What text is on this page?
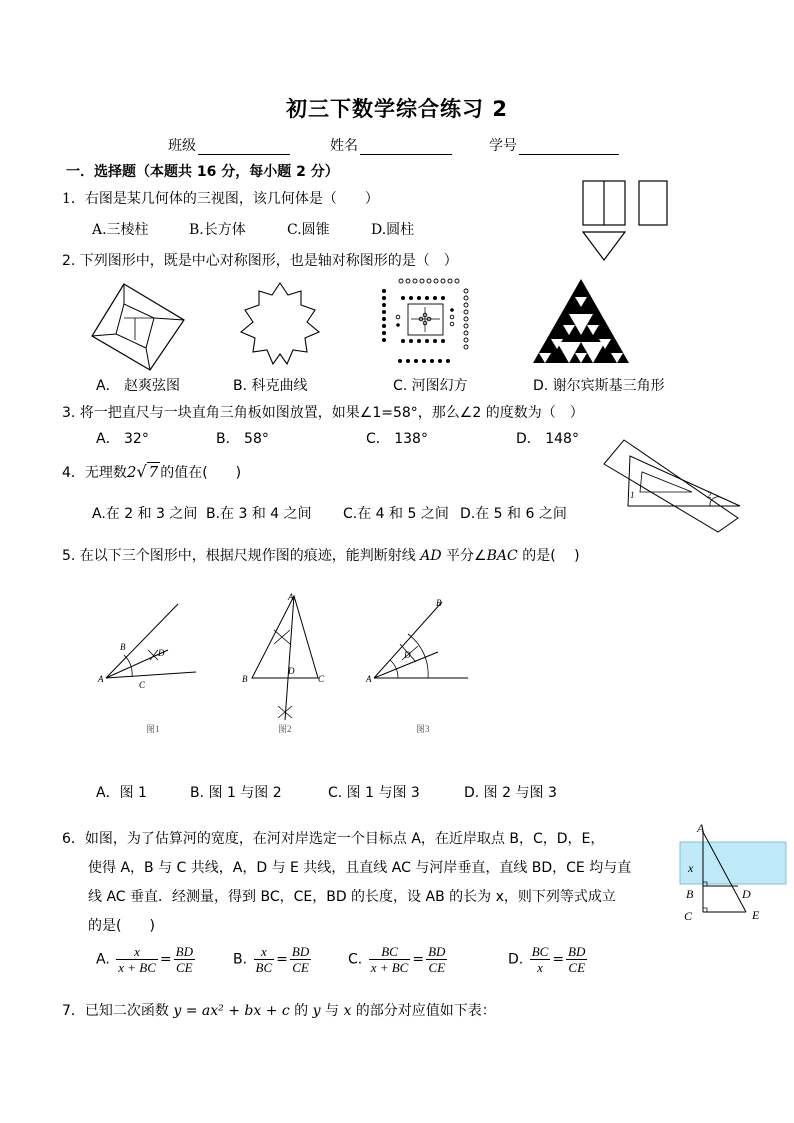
初三下数学综合练习 2
班级	姓名	学号
一．选择题（本题共 16 分，每小题 2 分）
1．右图是某几何体的三视图，该几何体是（　　）
A.三棱柱	B.长方体	C.圆锥	D.圆柱
2. 下列图形中，既是中心对称图形，也是轴对称图形的是（　）
A． 赵爽弦图	B. 科克曲线	C. 河图幻方	D. 谢尔宾斯基三角形
3. 将一把直尺与一块直角三角板如图放置，如果∠1=58°，那么∠2 的度数为（　）
A． 32°	B． 58°	C． 138°	D． 148°
1	2
4．无理数2√ 7 的值在(　　)
A.在 2 和 3 之间 B.在 3 和 4 之间 C.在 4 和 5 之间 D.在 5 和 6 之间
5. 在以下三个图形中，根据尺规作图的痕迹，能判断射线 AD 平分∠BAC 的是(　 )
A
B
C
D
图1
A
B	C
D
图2
A
B
D
图3
A．图 1	B. 图 1 与图 2	C. 图 1 与图 3	D. 图 2 与图 3
6．如图，为了估算河的宽度，在河对岸选定一个目标点 A，在近岸取点 B，C，D，E，
使得 A，B 与 C 共线，A，D 与 E 共线，且直线 AC 与河岸垂直，直线 BD，CE 均与直
线 AC 垂直．经测量，得到 BC，CE，BD 的长度，设 AB 的长为 x，则下列等式成立
的是(　　)
A
x
B
C
D
E
A. $\frac{x}{x + BC} = \frac{BD}{CE}$	B. $\frac{x}{BC} = \frac{BD}{CE}$	C. $\frac{BC}{x + BC} = \frac{BD}{CE}$	D. $\frac{BC}{x} = \frac{BD}{CE}$
7．已知二次函数 y = ax² + bx + c 的 y 与 x 的部分对应值如下表：
